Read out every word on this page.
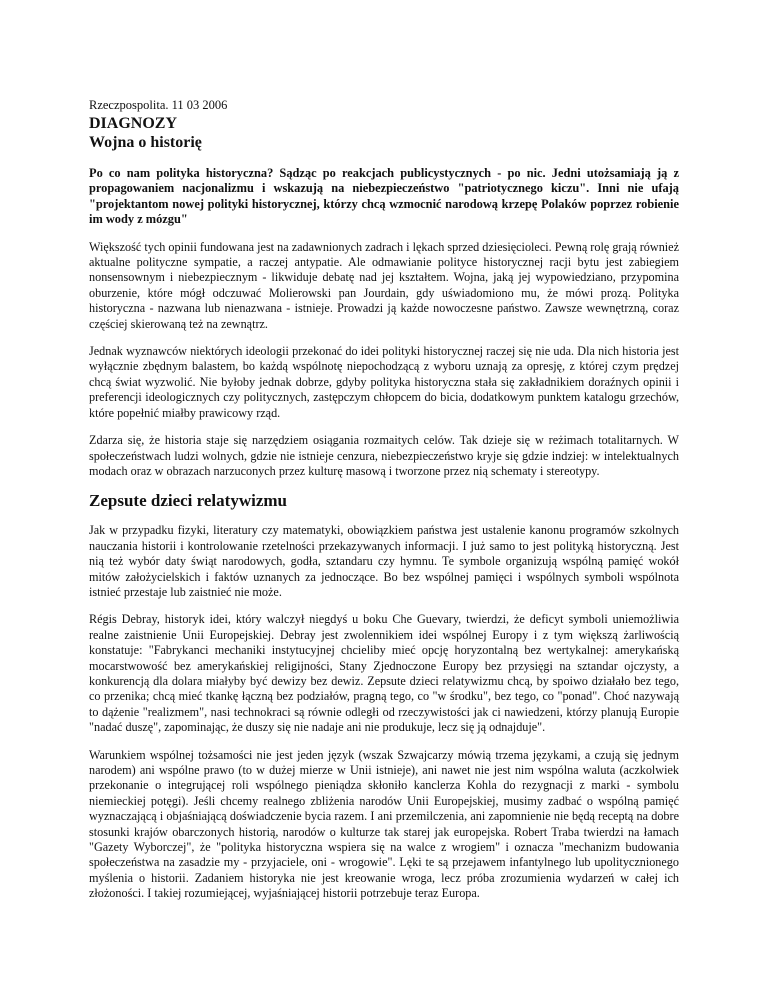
Rzeczpospolita. 11 03 2006

DIAGNOZY

Wojna o historię

Po co nam polityka historyczna? Sądząc po reakcjach publicystycznych - po nic. Jedni utożsamiają ją z propagowaniem nacjonalizmu i wskazują na niebezpieczeństwo "patriotycznego kiczu". Inni nie ufają "projektantom nowej polityki historycznej, którzy chcą wzmocnić narodową krzepę Polaków poprzez robienie im wody z mózgu"

Większość tych opinii fundowana jest na zadawnionych zadrach i lękach sprzed dziesięcioleci. Pewną rolę grają również aktualne polityczne sympatie, a raczej antypatie. Ale odmawianie polityce historycznej racji bytu jest zabiegiem nonsensownym i niebezpiecznym - likwiduje debatę nad jej kształtem. Wojna, jaką jej wypowiedziano, przypomina oburzenie, które mógł odczuwać Molierowski pan Jourdain, gdy uświadomiono mu, że mówi prozą. Polityka historyczna - nazwana lub nienazwana - istnieje. Prowadzi ją każde nowoczesne państwo. Zawsze wewnętrzną, coraz częściej skierowaną też na zewnątrz.

Jednak wyznawców niektórych ideologii przekonać do idei polityki historycznej raczej się nie uda. Dla nich historia jest wyłącznie zbędnym balastem, bo każdą wspólnotę niepochodzącą z wyboru uznają za opresję, z której czym prędzej chcą świat wyzwolić. Nie byłoby jednak dobrze, gdyby polityka historyczna stała się zakładnikiem doraźnych opinii i preferencji ideologicznych czy politycznych, zastępczym chłopcem do bicia, dodatkowym punktem katalogu grzechów, które popełnić miałby prawicowy rząd.

Zdarza się, że historia staje się narzędziem osiągania rozmaitych celów. Tak dzieje się w reżimach totalitarnych. W społeczeństwach ludzi wolnych, gdzie nie istnieje cenzura, niebezpieczeństwo kryje się gdzie indziej: w intelektualnych modach oraz w obrazach narzuconych przez kulturę masową i tworzone przez nią schematy i stereotypy.

Zepsute dzieci relatywizmu

Jak w przypadku fizyki, literatury czy matematyki, obowiązkiem państwa jest ustalenie kanonu programów szkolnych nauczania historii i kontrolowanie rzetelności przekazywanych informacji. I już samo to jest polityką historyczną. Jest nią też wybór daty świąt narodowych, godła, sztandaru czy hymnu. Te symbole organizują wspólną pamięć wokół mitów założycielskich i faktów uznanych za jednoczące. Bo bez wspólnej pamięci i wspólnych symboli wspólnota istnieć przestaje lub zaistnieć nie może.

Régis Debray, historyk idei, który walczył niegdyś u boku Che Guevary, twierdzi, że deficyt symboli uniemożliwia realne zaistnienie Unii Europejskiej. Debray jest zwolennikiem idei wspólnej Europy i z tym większą żarliwością konstatuje: "Fabrykanci mechaniki instytucyjnej chcieliby mieć opcję horyzontalną bez wertykalnej: amerykańską mocarstwowość bez amerykańskiej religijności, Stany Zjednoczone Europy bez przysięgi na sztandar ojczysty, a konkurencją dla dolara miałyby być dewizy bez dewiz. Zepsute dzieci relatywizmu chcą, by spoiwo działało bez tego, co przenika; chcą mieć tkankę łączną bez podziałów, pragną tego, co "w środku", bez tego, co "ponad". Choć nazywają to dążenie "realizmem", nasi technokraci są równie odległi od rzeczywistości jak ci nawiedzeni, którzy planują Europie "nadać duszę", zapominając, że duszy się nie nadaje ani nie produkuje, lecz się ją odnajduje".

Warunkiem wspólnej tożsamości nie jest jeden język (wszak Szwajcarzy mówią trzema językami, a czują się jednym narodem) ani wspólne prawo (to w dużej mierze w Unii istnieje), ani nawet nie jest nim wspólna waluta (aczkolwiek przekonanie o integrującej roli wspólnego pieniądza skłoniło kanclerza Kohla do rezygnacji z marki - symbolu niemieckiej potęgi). Jeśli chcemy realnego zbliżenia narodów Unii Europejskiej, musimy zadbać o wspólną pamięć wyznaczającą i objaśniającą doświadczenie bycia razem. I ani przemilczenia, ani zapomnienie nie będą receptą na dobre stosunki krajów obarczonych historią, narodów o kulturze tak starej jak europejska. Robert Traba twierdzi na łamach "Gazety Wyborczej", że "polityka historyczna wspiera się na walce z wrogiem" i oznacza "mechanizm budowania społeczeństwa na zasadzie my - przyjaciele, oni - wrogowie". Lęki te są przejawem infantylnego lub upolitycznionego myślenia o historii. Zadaniem historyka nie jest kreowanie wroga, lecz próba zrozumienia wydarzeń w całej ich złożoności. I takiej rozumiejącej, wyjaśniającej historii potrzebuje teraz Europa.
